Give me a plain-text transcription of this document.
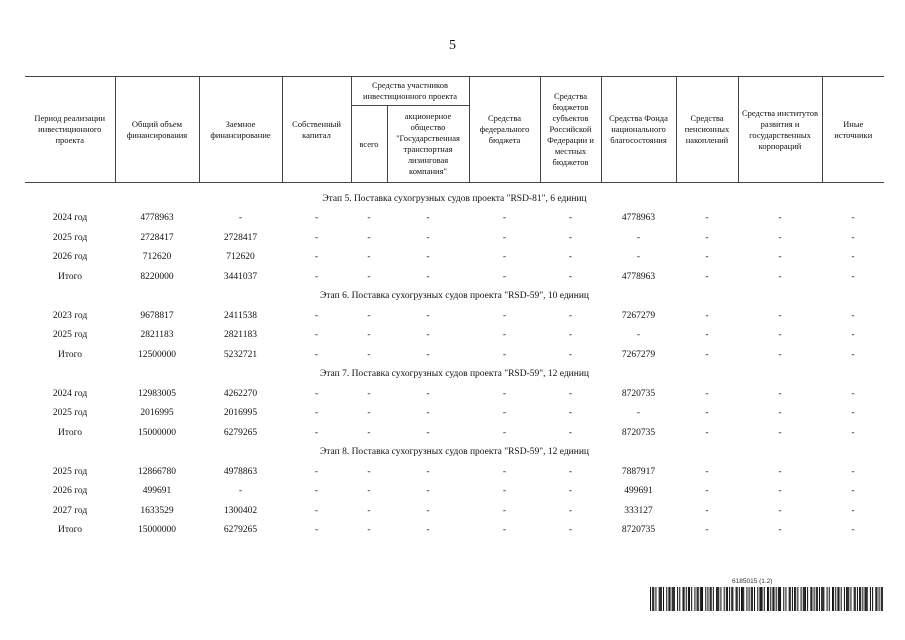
5
Период реализации инвестиционного проекта	Общий объем финансирования	Заемное финансирование	Собственный капитал	Средства участников инвестиционного проекта		Средства федерального бюджета	Средства бюджетов субъектов Российской Федерации и местных бюджетов	Средства Фонда национального благосостояния	Средства пенсионных накоплений	Средства институтов развития и государственных корпораций	Иные источники
				всего	акционерное общество "Государственная транспортная лизинговая компания"						

Этап 5. Поставка сухогрузных судов проекта "RSD-81", 6 единиц											
2024 год	4778963	-	-	-	-	-	-	4778963	-	-	-
2025 год	2728417	2728417	-	-	-	-	-	-	-	-	-
2026 год	712620	712620	-	-	-	-	-	-	-	-	-
Итого	8220000	3441037	-	-	-	-	-	4778963	-	-	-
Этап 6. Поставка сухогрузных судов проекта "RSD-59", 10 единиц											
2023 год	9678817	2411538	-	-	-	-	-	7267279	-	-	-
2025 год	2821183	2821183	-	-	-	-	-	-	-	-	-
Итого	12500000	5232721	-	-	-	-	-	7267279	-	-	-
Этап 7. Поставка сухогрузных судов проекта "RSD-59", 12 единиц											
2024 год	12983005	4262270	-	-	-	-	-	8720735	-	-	-
2025 год	2016995	2016995	-	-	-	-	-	-	-	-	-
Итого	15000000	6279265	-	-	-	-	-	8720735	-	-	-
Этап 8. Поставка сухогрузных судов проекта "RSD-59", 12 единиц											
2025 год	12866780	4978863	-	-	-	-	-	7887917	-	-	-
2026 год	499691	-	-	-	-	-	-	499691	-	-	-
2027 год	1633529	1300402	-	-	-	-	-	333127	-	-	-
Итого	15000000	6279265	-	-	-	-	-	8720735	-	-	-
6185015 (1.2)
